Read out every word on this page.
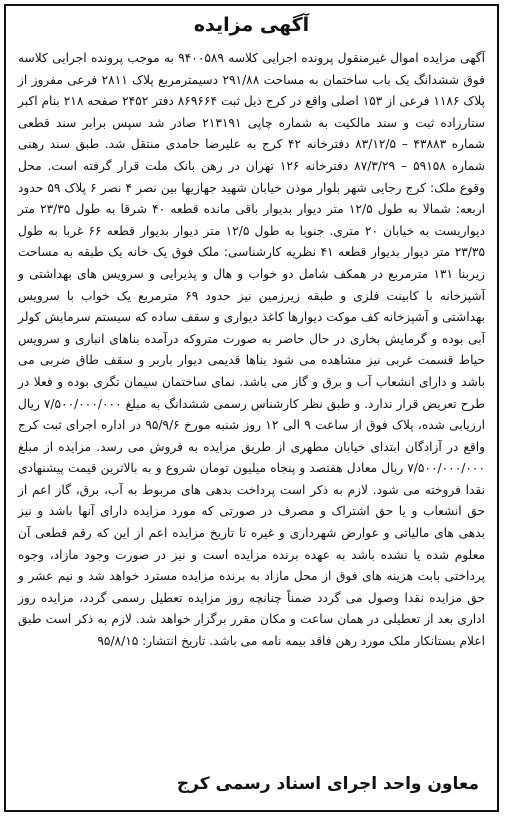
آگهی مزایده
آگهی مزایده اموال غیرمنقول پرونده اجرایی کلاسه ۹۴۰۰۵۸۹ به موجب پرونده اجرایی کلاسه فوق ششدانگ یک باب ساختمان به مساحت ۲۹۱/۸۸ دسیمترمربع پلاک ۲۸۱۱ فرعی مفروز از پلاک ۱۱۸۶ فرعی از ۱۵۳ اصلی واقع در کرج ذیل ثبت ۸۶۹۶۶۴ دفتر ۲۴۵۲ صفحه ۲۱۸ بنام اکبر ستارزاده ثبت و سند مالکیت به شماره چاپی ۲۱۳۱۹۱ صادر شد سپس برابر سند قطعی شماره ۴۳۸۸۳ – ۸۳/۱۲/۵ دفترخانه ۴۲ کرج به علیرضا حامدی منتقل شد. طبق سند رهنی شماره ۵۹۱۵۸ – ۸۷/۳/۲۹ دفترخانه ۱۲۶ تهران در رهن بانک ملت قرار گرفته است. محل وقوع ملک: کرج رجایی شهر بلوار موذن خیابان شهید جهازیها بین نصر ۴ نصر ۶ پلاک ۵۹ حدود اربعه: شمالا به طول ۱۲/۵ متر دیوار بدیوار باقی مانده قطعه ۴۰ شرقا به طول ۲۳/۳۵ متر دیواریست به خیابان ۲۰ متری. جنوبا به طول ۱۲/۵ متر دیوار بدیوار قطعه ۶۶ غربا به طول ۲۳/۳۵ متر دیوار بدیوار قطعه ۴۱ نظریه کارشناسی: ملک فوق یک خانه یک طبقه به مساحت زیربنا ۱۳۱ مترمربع در همکف شامل دو خواب و هال و پذیرایی و سرویس های بهداشتی و آشپزخانه با کابینت فلزی و طبقه زیرزمین نیز حدود ۶۹ مترمربع یک خواب با سرویس بهداشتی و آشپزخانه کف موکت دیوارها کاغذ دیواری و سقف ساده که سیستم سرمایش کولر آبی بوده و گرمایش بخاری در حال حاضر به صورت متروکه درآمده بناهای انباری و سرویس حیاط قسمت غربی نیز مشاهده می شود بناها قدیمی دیوار باربر و سقف طاق ضربی می باشد و دارای انشعاب آب و برق و گاز می باشد. نمای ساختمان سیمان تگری بوده و فعلا در طرح تعریض قرار ندارد. و طبق نظر کارشناس رسمی ششدانگ به مبلغ ۷/۵۰۰/۰۰۰/۰۰۰ ریال ارزیابی شده، پلاک فوق از ساعت ۹ الی ۱۲ روز شنبه مورخ ۹۵/۹/۶ در اداره اجرای ثبت کرج واقع در آزادگان ابتدای خیابان مطهری از طریق مزایده به فروش می رسد. مزایده از مبلغ ۷/۵۰۰/۰۰۰/۰۰۰ ریال معادل هفتصد و پنجاه میلیون تومان شروع و به بالاترین قیمت پیشنهادی نقدا فروخته می شود. لازم به ذکر است پرداخت بدهی های مربوط به آب، برق، گاز اعم از حق انشعاب و یا حق اشتراک و مصرف در صورتی که مورد مزایده دارای آنها باشد و نیز بدهی های مالیاتی و عوارض شهرداری و غیره تا تاریخ مزایده اعم از این که رقم قطعی آن معلوم شده یا نشده باشد به عهده برنده مزایده است و نیز در صورت وجود مازاد، وجوه پرداختی بابت هزینه های فوق از محل مازاد به برنده مزایده مسترد خواهد شد و نیم عشر و حق مزایده نقدا وصول می گردد ضمناً چنانچه روز مزایده تعطیل رسمی گردد، مزایده روز اداری بعد از تعطیلی در همان ساعت و مکان مقرر برگزار خواهد شد. لازم به ذکر است طبق اعلام بستانکار ملک مورد رهن فاقد بیمه نامه می باشد. تاریخ انتشار: ۹۵/۸/۱۵
معاون واحد اجرای اسناد رسمی کرج
